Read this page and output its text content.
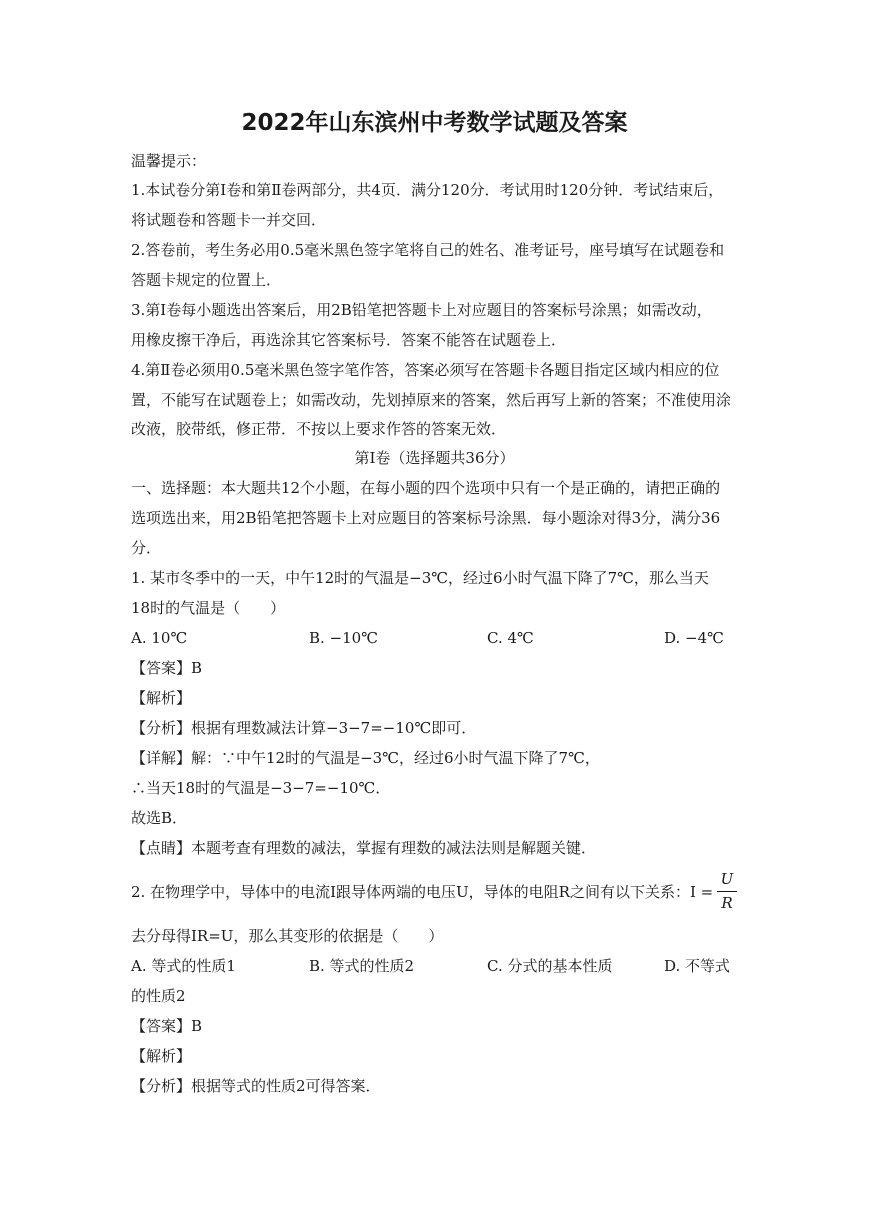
2022年山东滨州中考数学试题及答案
温馨提示：
1.本试卷分第Ⅰ卷和第Ⅱ卷两部分，共4页．满分120分．考试用时120分钟．考试结束后，
将试题卷和答题卡一并交回．
2.答卷前，考生务必用0.5毫米黑色签字笔将自己的姓名、准考证号，座号填写在试题卷和
答题卡规定的位置上．
3.第Ⅰ卷每小题选出答案后，用2B铅笔把答题卡上对应题目的答案标号涂黑；如需改动，
用橡皮擦干净后，再选涂其它答案标号．答案不能答在试题卷上．
4.第Ⅱ卷必须用0.5毫米黑色签字笔作答，答案必须写在答题卡各题目指定区域内相应的位
置，不能写在试题卷上；如需改动，先划掉原来的答案，然后再写上新的答案；不准使用涂
改液，胶带纸，修正带．不按以上要求作答的答案无效．
第Ⅰ卷（选择题共36分）
一、选择题：本大题共12个小题，在每小题的四个选项中只有一个是正确的，请把正确的
选项选出来，用2B铅笔把答题卡上对应题目的答案标号涂黑．每小题涂对得3分，满分36
分．
1. 某市冬季中的一天，中午12时的气温是−3℃，经过6小时气温下降了7℃，那么当天
18时的气温是（　　）
A. 10℃	B. −10℃	C. 4℃	D. −4℃
【答案】B
【解析】
【分析】根据有理数减法计算−3−7=−10℃即可．
【详解】解：∵中午12时的气温是−3℃，经过6小时气温下降了7℃，
∴当天18时的气温是−3−7=−10℃．
故选B．
【点睛】本题考查有理数的减法，掌握有理数的减法法则是解题关键．
2. 在物理学中，导体中的电流Ⅰ跟导体两端的电压U，导体的电阻R之间有以下关系：I =
U
R
去分母得IR=U，那么其变形的依据是（　　）
A. 等式的性质1	B. 等式的性质2	C. 分式的基本性质	D. 不等式
的性质2
【答案】B
【解析】
【分析】根据等式的性质2可得答案．
